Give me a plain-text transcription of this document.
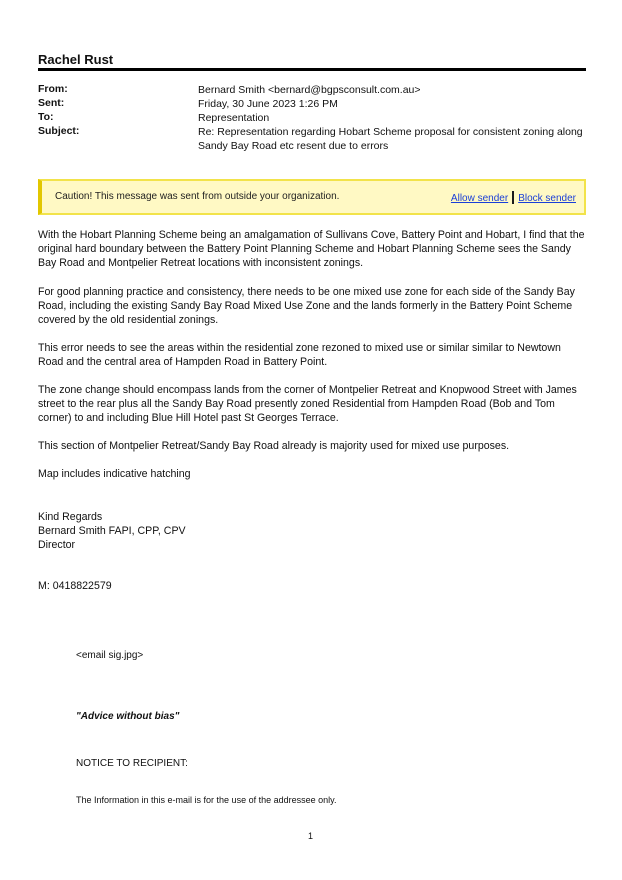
Rachel Rust
From:	Bernard Smith <bernard@bgpsconsult.com.au>
Sent:	Friday, 30 June 2023 1:26 PM
To:	Representation
Subject:	Re: Representation regarding Hobart Scheme proposal for consistent zoning along Sandy Bay Road etc resent due to errors
Caution! This message was sent from outside your organization.	Allow sender Block sender

With the Hobart Planning Scheme being an amalgamation of Sullivans Cove, Battery Point and Hobart, I find that the original hard boundary between the Battery Point Planning Scheme and Hobart Planning Scheme sees the Sandy Bay Road and Montpelier Retreat locations with inconsistent zonings.

For good planning practice and consistency, there needs to be one mixed use zone for each side of the Sandy Bay Road, including the existing Sandy Bay Road Mixed Use Zone and the lands formerly in the Battery Point Scheme covered by the old residential zonings.

This error needs to see the areas within the residential zone rezoned to mixed use or similar similar to Newtown Road and the central area of Hampden Road in Battery Point.

The zone change should encompass lands from the corner of Montpelier Retreat and Knopwood Street with James street to the rear plus all the Sandy Bay Road presently zoned Residential from Hampden Road (Bob and Tom corner) to and including Blue Hill Hotel past St Georges Terrace.

This section of Montpelier Retreat/Sandy Bay Road already is majority used for mixed use purposes.

Map includes indicative hatching

Kind Regards

Bernard Smith FAPI, CPP, CPV

Director

M: 0418822579

<email sig.jpg>
"Advice without bias"
NOTICE TO RECIPIENT:
The Information in this e-mail is for the use of the addressee only.
1
